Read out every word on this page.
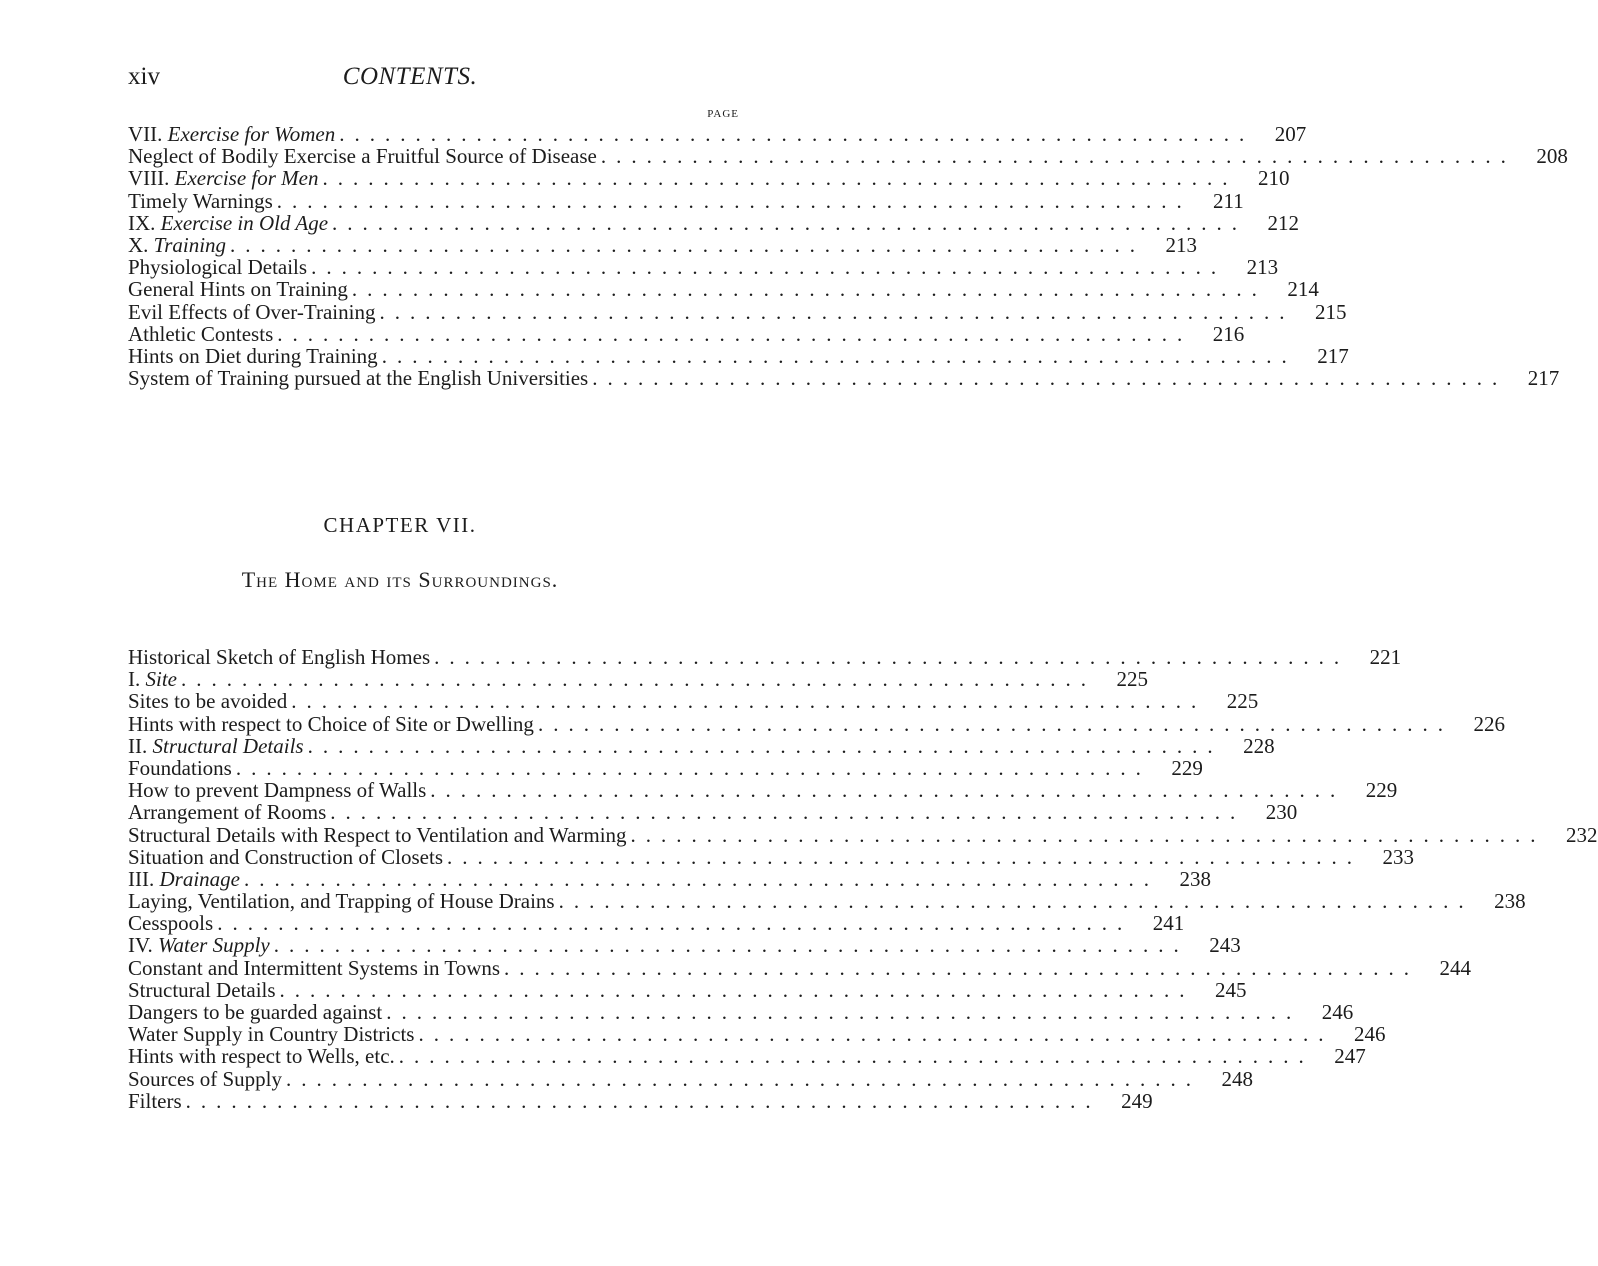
xiv	CONTENTS.
PAGE
VII. Exercise for Women ............................................................ 207
Neglect of Bodily Exercise a Fruitful Source of Disease ............................................................ 208
VIII. Exercise for Men ............................................................ 210
Timely Warnings ............................................................	211
IX. Exercise in Old Age ............................................................ 212
X. Training ............................................................ 213
Physiological Details ............................................................ 213
General Hints on Training ............................................................ 214
Evil Effects of Over-Training ............................................................ 215
Athletic Contests ............................................................ 216
Hints on Diet during Training ............................................................ 217
System of Training pursued at the English Universities ............................................................ 217
CHAPTER VII.
The Home and its Surroundings.
Historical Sketch of English Homes ............................................................ 221
I. Site ............................................................ 225
Sites to be avoided ............................................................ 225
Hints with respect to Choice of Site or Dwelling ............................................................ 226
II. Structural Details ............................................................ 228
Foundations ............................................................ 229
How to prevent Dampness of Walls ............................................................ 229
Arrangement of Rooms ............................................................ 230
Structural Details with Respect to Ventilation and Warming ............................................................ 232
Situation and Construction of Closets ............................................................ 233
III. Drainage ............................................................ 238
Laying, Ventilation, and Trapping of House Drains ............................................................ 238
Cesspools ............................................................ 241
IV. Water Supply ............................................................ 243
Constant and Intermittent Systems in Towns ............................................................ 244
Structural Details ............................................................ 245
Dangers to be guarded against ............................................................ 246
Water Supply in Country Districts ............................................................ 246
Hints with respect to Wells, etc. ............................................................ 247
Sources of Supply ............................................................ 248
Filters ............................................................ 249
